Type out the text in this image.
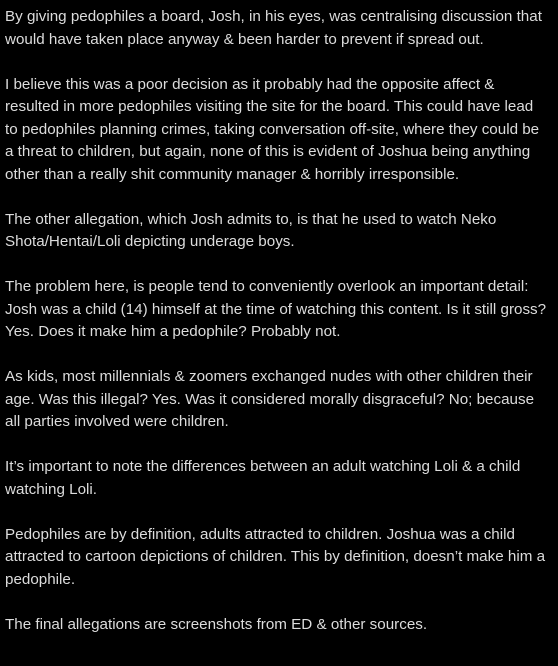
By giving pedophiles a board, Josh, in his eyes, was centralising discussion that would have taken place anyway & been harder to prevent if spread out.

I believe this was a poor decision as it probably had the opposite affect & resulted in more pedophiles visiting the site for the board. This could have lead to pedophiles planning crimes, taking conversation off-site, where they could be a threat to children, but again, none of this is evident of Joshua being anything other than a really shit community manager & horribly irresponsible.

The other allegation, which Josh admits to, is that he used to watch Neko Shota/Hentai/Loli depicting underage boys.

The problem here, is people tend to conveniently overlook an important detail: Josh was a child (14) himself at the time of watching this content. Is it still gross? Yes. Does it make him a pedophile? Probably not.

As kids, most millennials & zoomers exchanged nudes with other children their age. Was this illegal? Yes. Was it considered morally disgraceful? No; because all parties involved were children.

It’s important to note the differences between an adult watching Loli & a child watching Loli.

Pedophiles are by definition, adults attracted to children. Joshua was a child attracted to cartoon depictions of children. This by definition, doesn’t make him a pedophile.

The final allegations are screenshots from ED & other sources.
